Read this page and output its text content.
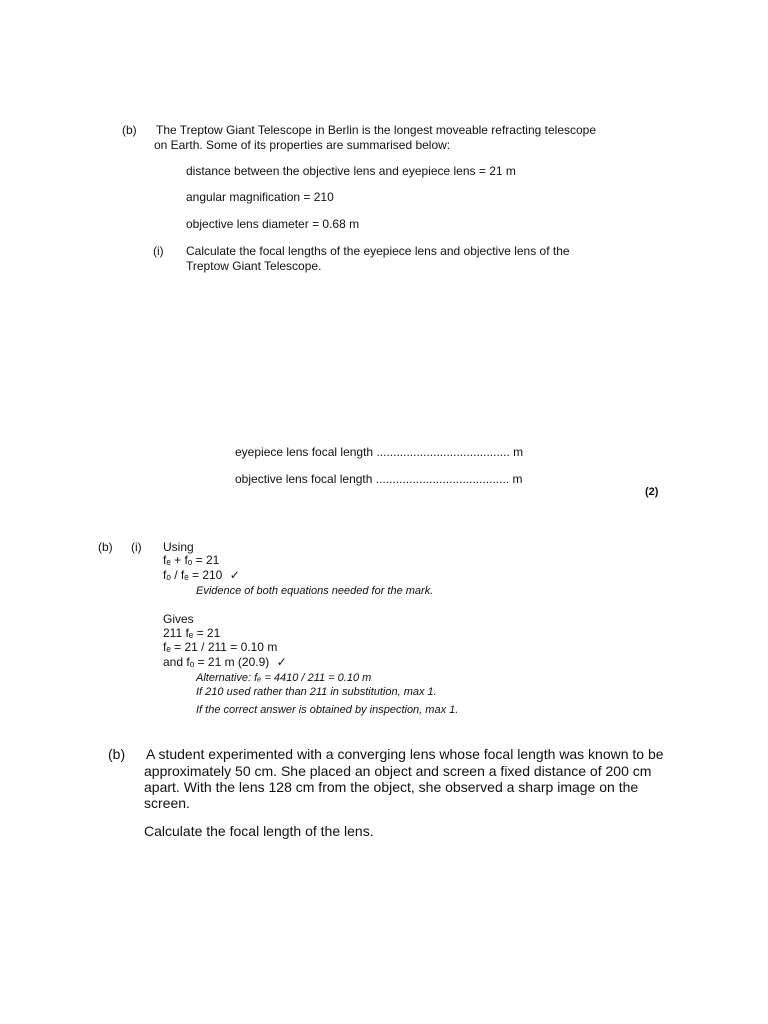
(b) The Treptow Giant Telescope in Berlin is the longest moveable refracting telescope
on Earth. Some of its properties are summarised below:
distance between the objective lens and eyepiece lens = 21 m
angular magnification = 210
objective lens diameter = 0.68 m
(i) Calculate the focal lengths of the eyepiece lens and objective lens of the
Treptow Giant Telescope.
eyepiece lens focal length ........................................ m
objective lens focal length ........................................ m
(2)
(b) (i) Using
fₑ + fₒ = 21
fₒ / fₑ = 210 ✓
Evidence of both equations needed for the mark.
Gives
211 fₑ = 21
fₑ = 21 / 211 = 0.10 m
and fₒ = 21 m (20.9) ✓
Alternative: fₑ = 4410 / 211 = 0.10 m
If 210 used rather than 211 in substitution, max 1.
If the correct answer is obtained by inspection, max 1.
(b) A student experimented with a converging lens whose focal length was known to be
approximately 50 cm. She placed an object and screen a fixed distance of 200 cm
apart. With the lens 128 cm from the object, she observed a sharp image on the
screen.
Calculate the focal length of the lens.
